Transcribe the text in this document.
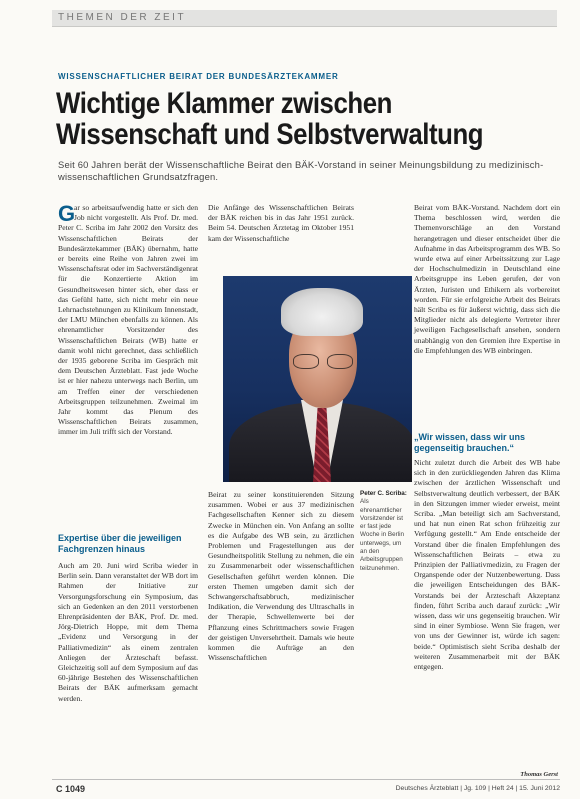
THEMEN DER ZEIT
WISSENSCHAFTLICHER BEIRAT DER BUNDESÄRZTEKAMMER
Wichtige Klammer zwischen
Wissenschaft und Selbstverwaltung
Seit 60 Jahren berät der Wissenschaftliche Beirat den BÄK-Vorstand in seiner Meinungsbildung zu medizinisch-wissenschaftlichen Grundsatzfragen.

G
ar so arbeitsaufwendig hatte er sich den Job nicht vorgestellt. Als Prof. Dr. med. Peter C. Scriba im Jahr 2002 den Vorsitz des Wissenschaftlichen Beirats der Bundesärztekammer (BÄK) übernahm, hatte er bereits eine Reihe von Jahren zwei im Wissenschaftsrat oder im Sachverständigenrat für die Konzertierte Aktion im Gesundheitswesen hinter sich, eher dass er das Gefühl hatte, sich nicht mehr ein neue Lehrnachstehnungen zu Klinikum Innenstadt, der LMU München ebenfalls zu können. Als ehrenamtlicher Vorsitzender des Wissenschaftlichen Beirats (WB) hatte er damit wohl nicht gerechnet, dass schließlich der 1935 geborene Scriba im Gespräch mit dem Deutschen Ärzteblatt. Fast jede Woche ist er hier nahezu unterwegs nach Berlin, um am Treffen einer der verschiedenen Arbeitsgruppen teilzunehmen. Zweimal im Jahr kommt das Plenum des Wissenschaftlichen Beirats zusammen, immer im Juli trifft sich der Vorstand.

Expertise über die jeweiligen Fachgrenzen hinaus

Auch am 20. Juni wird Scriba wieder in Berlin sein. Dann veranstaltet der WB dort im Rahmen der Initiative zur Versorgungsforschung ein Symposium, das sich an Gedenken an den 2011 verstorbenen Ehrenpräsidenten der BÄK, Prof. Dr. med. Jörg-Dietrich Hoppe, mit dem Thema „Evidenz und Versorgung in der Palliativmedizin“ als einem zentralen Anliegen der Ärzteschaft befasst. Gleichzeitig soll auf dem Symposium auf das 60-jährige Bestehen des Wissenschaftlichen Beirats der BÄK aufmerksam gemacht werden.

Die Anfänge des Wissenschaftlichen Beirats der BÄK reichen bis in das Jahr 1951 zurück. Beim 54. Deutschen Ärztetag im Oktober 1951 kam der Wissenschaftliche

Beirat zu seiner konstituierenden Sitzung zusammen. Wobei er aus 37 medizinischen Fachgesellschaften Kenner sich zu diesem Zwecke in München ein. Von Anfang an sollte es die Aufgabe des WB sein, zu ärztlichen Problemen und Fragestellungen aus der Gesundheitspolitik Stellung zu nehmen, die ein zu Zusammenarbeit oder wissenschaftlichen Gesellschaften geführt werden können. Die ersten Themen umgeben damit sich der Schwangerschaftsabbruch, medizinischer Indikation, die Verwendung des Ultraschalls in der Therapie, Schwellenwerte bei der Pflanzung eines Schrittmachers sowie Fragen der geistigen Unversehrtheit. Damals wie heute kommen die Aufträge an den Wissenschaftlichen

Peter C. Scriba: Als ehrenamtlicher Vorsitzender ist er fast jede Woche in Berlin unterwegs, um an den Arbeitsgruppen teilzunehmen.

Beirat vom BÄK-Vorstand. Nachdem dort ein Thema beschlossen wird, werden die Themenvorschläge an den Vorstand herangetragen und dieser entscheidet über die Aufnahme in das Arbeitsprogramm des WB. So wurde etwa auf einer Arbeitssitzung zur Lage der Hochschulmedizin in Deutschland eine Arbeitsgruppe ins Leben gerufen, der von Ärzten, Juristen und Ethikern als vorbereitet worden. Für sie erfolgreiche Arbeit des Beirats hält Scriba es für äußerst wichtig, dass sich die Mitglieder nicht als delegierte Vertreter ihrer jeweiligen Fachgesellschaft ansehen, sondern unabhängig von den Gremien ihre Expertise in die Empfehlungen des WB einbringen.

„Wir wissen, dass wir uns gegenseitig brauchen.“

Nicht zuletzt durch die Arbeit des WB habe sich in den zurückliegenden Jahren das Klima zwischen der ärztlichen Wissenschaft und Selbstverwaltung deutlich verbessert, der BÄK in den Sitzungen immer wieder erweist, meint Scriba. „Man beteiligt sich am Sachverstand, und hat nun einen Rat schon frühzeitig zur Verfügung gestellt.“ Am Ende entscheide der Vorstand über die finalen Empfehlungen des Wissenschaftlichen Beirats – etwa zu Prinzipien der Palliativmedizin, zu Fragen der Organspende oder der Nutzenbewertung. Dass die jeweiligen Entscheidungen des BÄK-Vorstands bei der Ärzteschaft Akzeptanz finden, führt Scriba auch darauf zurück: „Wir wissen, dass wir uns gegenseitig brauchen. Wir sind in einer Symbiose. Wenn Sie fragen, wer von uns der Gewinner ist, würde ich sagen: beide.“ Optimistisch sieht Scriba deshalb der weiteren Zusammenarbeit mit der BÄK entgegen.

Thomas Gerst
C 1049	Deutsches Ärzteblatt | Jg. 109 | Heft 24 | 15. Juni 2012
